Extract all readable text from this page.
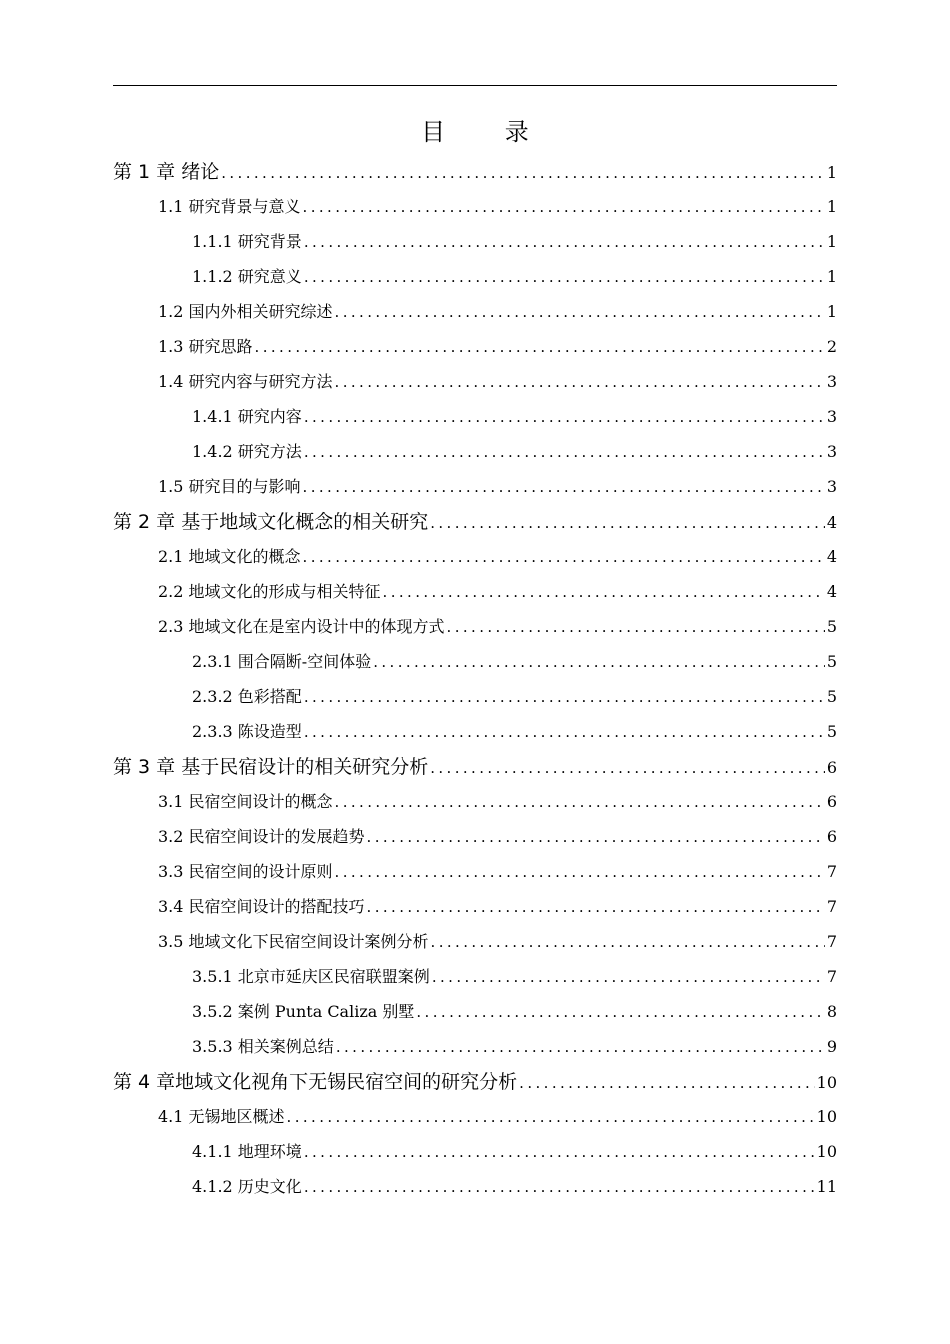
目 录
第 1 章 绪论 .....	1
1.1 研究背景与意义 .....	1
1.1.1 研究背景 .....	1
1.1.2 研究意义 .....	1
1.2 国内外相关研究综述 .....	1
1.3 研究思路 .....	2
1.4 研究内容与研究方法 .....	3
1.4.1 研究内容 .....	3
1.4.2 研究方法 .....	3
1.5 研究目的与影响 .....	3
第 2 章 基于地域文化概念的相关研究 .....	4
2.1 地域文化的概念 .....	4
2.2 地域文化的形成与相关特征 .....	4
2.3 地域文化在是室内设计中的体现方式 .....	5
2.3.1 围合隔断-空间体验 .....	5
2.3.2 色彩搭配 .....	5
2.3.3 陈设造型 .....	5
第 3 章 基于民宿设计的相关研究分析 .....	6
3.1 民宿空间设计的概念 .....	6
3.2 民宿空间设计的发展趋势 .....	6
3.3 民宿空间的设计原则 .....	7
3.4 民宿空间设计的搭配技巧 .....	7
3.5 地域文化下民宿空间设计案例分析 .....	7
3.5.1 北京市延庆区民宿联盟案例 .....	7
3.5.2 案例 Punta Caliza 别墅 .....	8
3.5.3 相关案例总结 .....	9
第 4 章地域文化视角下无锡民宿空间的研究分析 .....	10
4.1 无锡地区概述 .....	10
4.1.1 地理环境 .....	10
4.1.2 历史文化 .....	11
